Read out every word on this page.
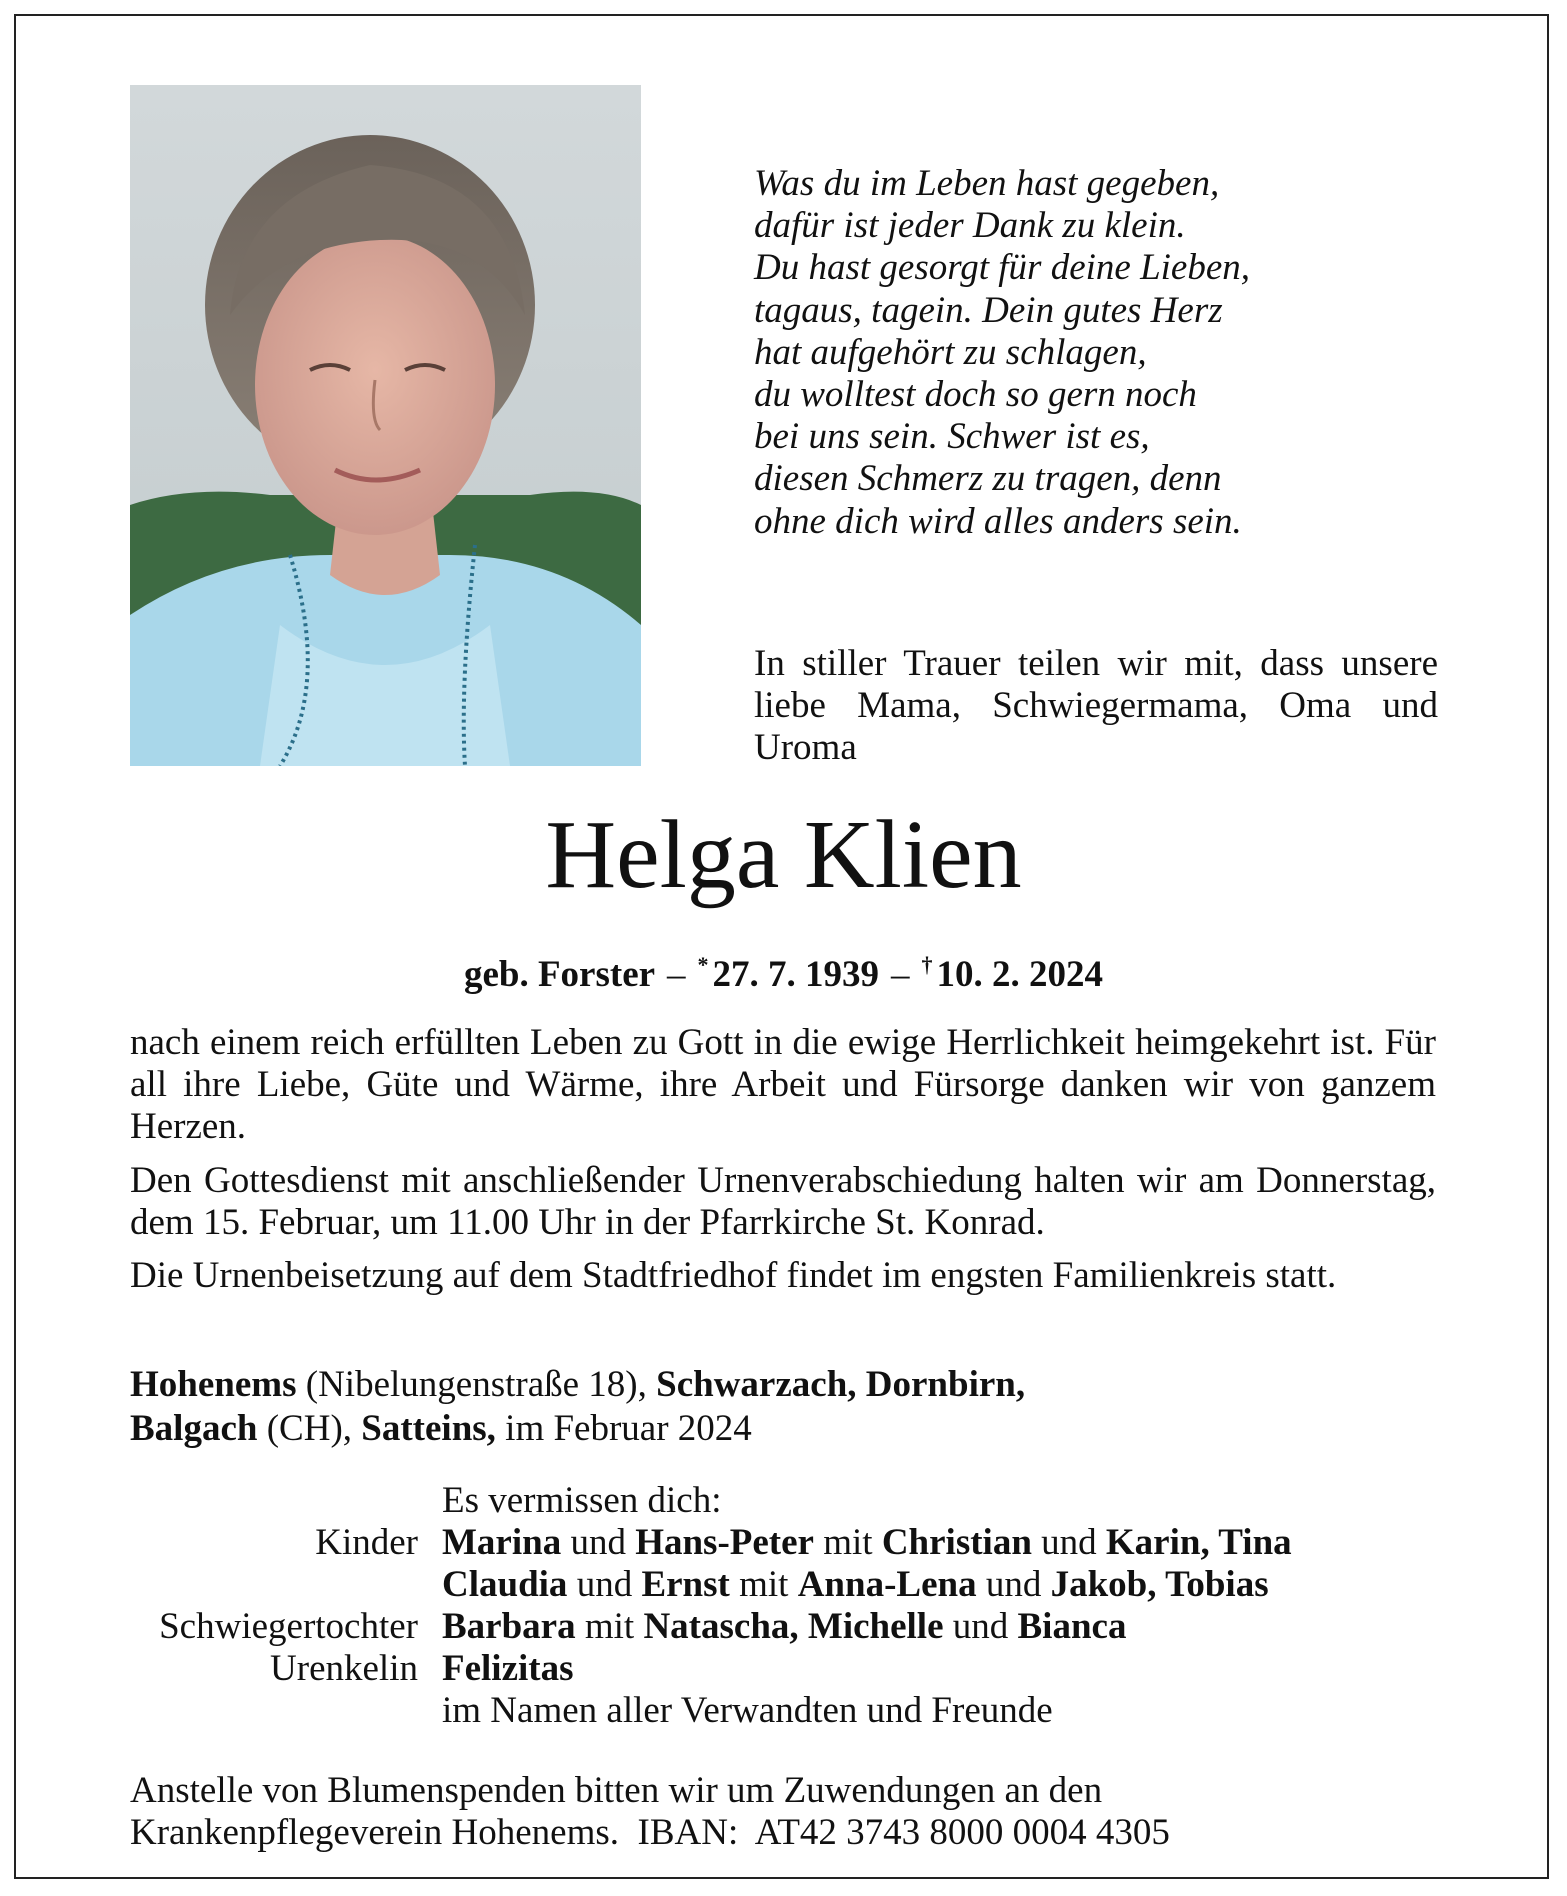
Was du im Leben hast gegeben,
dafür ist jeder Dank zu klein.
Du hast gesorgt für deine Lieben,
tagaus, tagein. Dein gutes Herz
hat aufgehört zu schlagen,
du wolltest doch so gern noch
bei uns sein. Schwer ist es,
diesen Schmerz zu tragen, denn
ohne dich wird alles anders sein.
In stiller Trauer teilen wir mit, dass unsere liebe Mama, Schwiegermama, Oma und Uroma
Helga Klien
geb. Forster – * 27. 7. 1939 – † 10. 2. 2024
nach einem reich erfüllten Leben zu Gott in die ewige Herrlichkeit heimgekehrt ist. Für all ihre Liebe, Güte und Wärme, ihre Arbeit und Fürsorge danken wir von ganzem Herzen.
Den Gottesdienst mit anschließender Urnenverabschiedung halten wir am Donnerstag, dem 15. Februar, um 11.00 Uhr in der Pfarrkirche St. Konrad.
Die Urnenbeisetzung auf dem Stadtfriedhof findet im engsten Familienkreis statt.
Hohenems (Nibelungenstraße 18), Schwarzach, Dornbirn,
Balgach (CH), Satteins, im Februar 2024
Es vermissen dich:
Kinder Marina und Hans-Peter mit Christian und Karin, Tina
Claudia und Ernst mit Anna-Lena und Jakob, Tobias
Schwiegertochter Barbara mit Natascha, Michelle und Bianca
Urenkelin Felizitas
im Namen aller Verwandten und Freunde
Anstelle von Blumenspenden bitten wir um Zuwendungen an den
Krankenpflegeverein Hohenems.  IBAN:  AT42 3743 8000 0004 4305
